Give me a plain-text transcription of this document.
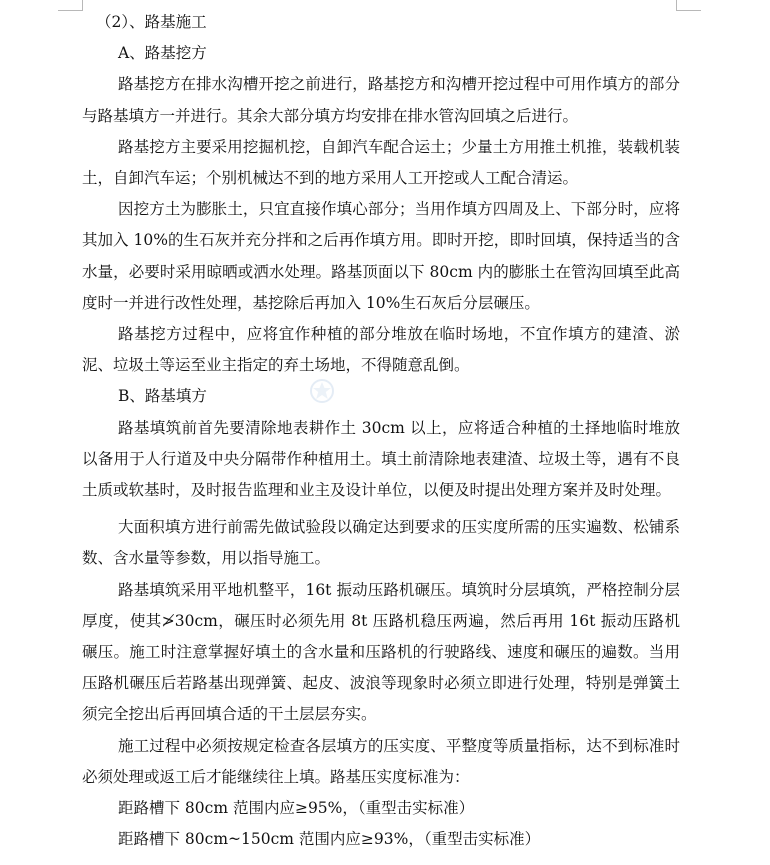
（2）、路基施工

A、路基挖方

路基挖方在排水沟槽开挖之前进行，路基挖方和沟槽开挖过程中可用作填方的部分与路基填方一并进行。其余大部分填方均安排在排水管沟回填之后进行。

路基挖方主要采用挖掘机挖，自卸汽车配合运土；少量土方用推土机推，装载机装土，自卸汽车运；个别机械达不到的地方采用人工开挖或人工配合清运。

因挖方土为膨胀土，只宜直接作填心部分；当用作填方四周及上、下部分时，应将其加入 10%的生石灰并充分拌和之后再作填方用。即时开挖，即时回填，保持适当的含水量，必要时采用晾晒或洒水处理。路基顶面以下 80cm 内的膨胀土在管沟回填至此高度时一并进行改性处理，基挖除后再加入 10%生石灰后分层碾压。

路基挖方过程中，应将宜作种植的部分堆放在临时场地，不宜作填方的建渣、淤泥、垃圾土等运至业主指定的弃土场地，不得随意乱倒。

B、路基填方

路基填筑前首先要清除地表耕作土 30cm 以上，应将适合种植的土择地临时堆放以备用于人行道及中央分隔带作种植用土。填土前清除地表建渣、垃圾土等，遇有不良土质或软基时，及时报告监理和业主及设计单位，以便及时提出处理方案并及时处理。

大面积填方进行前需先做试验段以确定达到要求的压实度所需的压实遍数、松铺系数、含水量等参数，用以指导施工。

路基填筑采用平地机整平，16t 振动压路机碾压。填筑时分层填筑，严格控制分层厚度，使其≯30cm，碾压时必须先用 8t 压路机稳压两遍，然后再用 16t 振动压路机碾压。施工时注意掌握好填土的含水量和压路机的行驶路线、速度和碾压的遍数。当用压路机碾压后若路基出现弹簧、起皮、波浪等现象时必须立即进行处理，特别是弹簧土须完全挖出后再回填合适的干土层层夯实。

施工过程中必须按规定检查各层填方的压实度、平整度等质量指标，达不到标准时必须处理或返工后才能继续往上填。路基压实度标准为：

距路槽下 80cm 范围内应≥95%，（重型击实标准）

距路槽下 80cm~150cm 范围内应≥93%，（重型击实标准）
